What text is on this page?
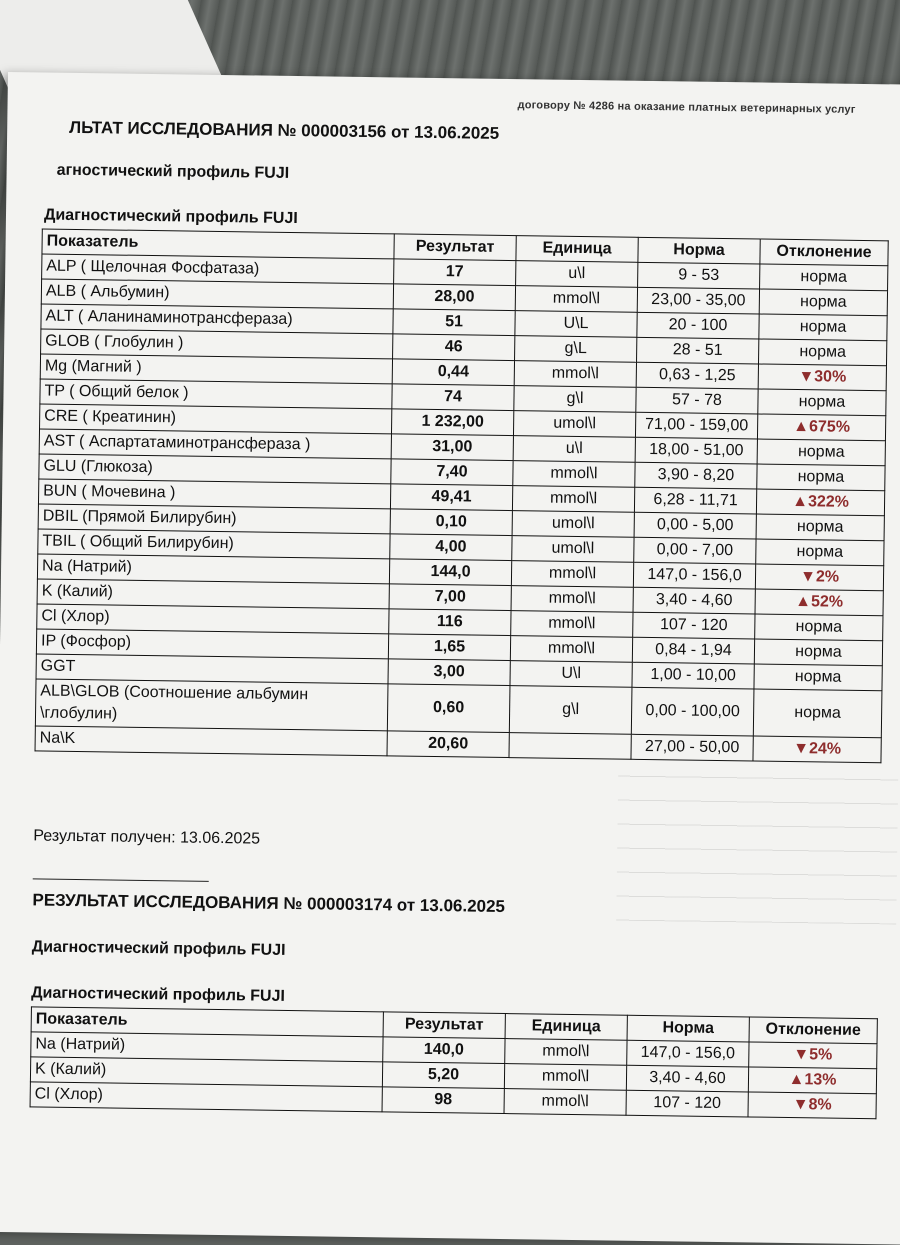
договору № 4286 на оказание платных ветеринарных услуг
ЛЬТАТ ИССЛЕДОВАНИЯ № 000003156 от 13.06.2025
агностический профиль FUJI
Диагностический профиль FUJI
Показатель	Результат	Единица	Норма	Отклонение
ALP ( Щелочная Фосфатаза)	17	u\l	9 - 53	норма
ALB ( Альбумин)	28,00	mmol\l	23,00 - 35,00	норма
ALT ( Аланинаминотрансфераза)	51	U\L	20 - 100	норма
GLOB ( Глобулин )	46	g\L	28 - 51	норма
Mg (Магний )	0,44	mmol\l	0,63 - 1,25	▼30%
TP ( Общий белок )	74	g\l	57 - 78	норма
CRE ( Креатинин)	1 232,00	umol\l	71,00 - 159,00	▲675%
AST ( Аспартатаминотрансфераза )	31,00	u\l	18,00 - 51,00	норма
GLU (Глюкоза)	7,40	mmol\l	3,90 - 8,20	норма
BUN ( Мочевина )	49,41	mmol\l	6,28 - 11,71	▲322%
DBIL (Прямой Билирубин)	0,10	umol\l	0,00 - 5,00	норма
TBIL ( Общий Билирубин)	4,00	umol\l	0,00 - 7,00	норма
Na (Натрий)	144,0	mmol\l	147,0 - 156,0	▼2%
K (Калий)	7,00	mmol\l	3,40 - 4,60	▲52%
Cl (Хлор)	116	mmol\l	107 - 120	норма
IP (Фосфор)	1,65	mmol\l	0,84 - 1,94	норма
GGT	3,00	U\l	1,00 - 10,00	норма
ALB\GLOB (Соотношение альбумин \глобулин)	0,60	g\l	0,00 - 100,00	норма
Na\K	20,60		27,00 - 50,00	▼24%
Результат получен: 13.06.2025
РЕЗУЛЬТАТ ИССЛЕДОВАНИЯ № 000003174 от 13.06.2025
Диагностический профиль FUJI
Диагностический профиль FUJI
Показатель	Результат	Единица	Норма	Отклонение
Na (Натрий)	140,0	mmol\l	147,0 - 156,0	▼5%
K (Калий)	5,20	mmol\l	3,40 - 4,60	▲13%
Cl (Хлор)	98	mmol\l	107 - 120	▼8%
